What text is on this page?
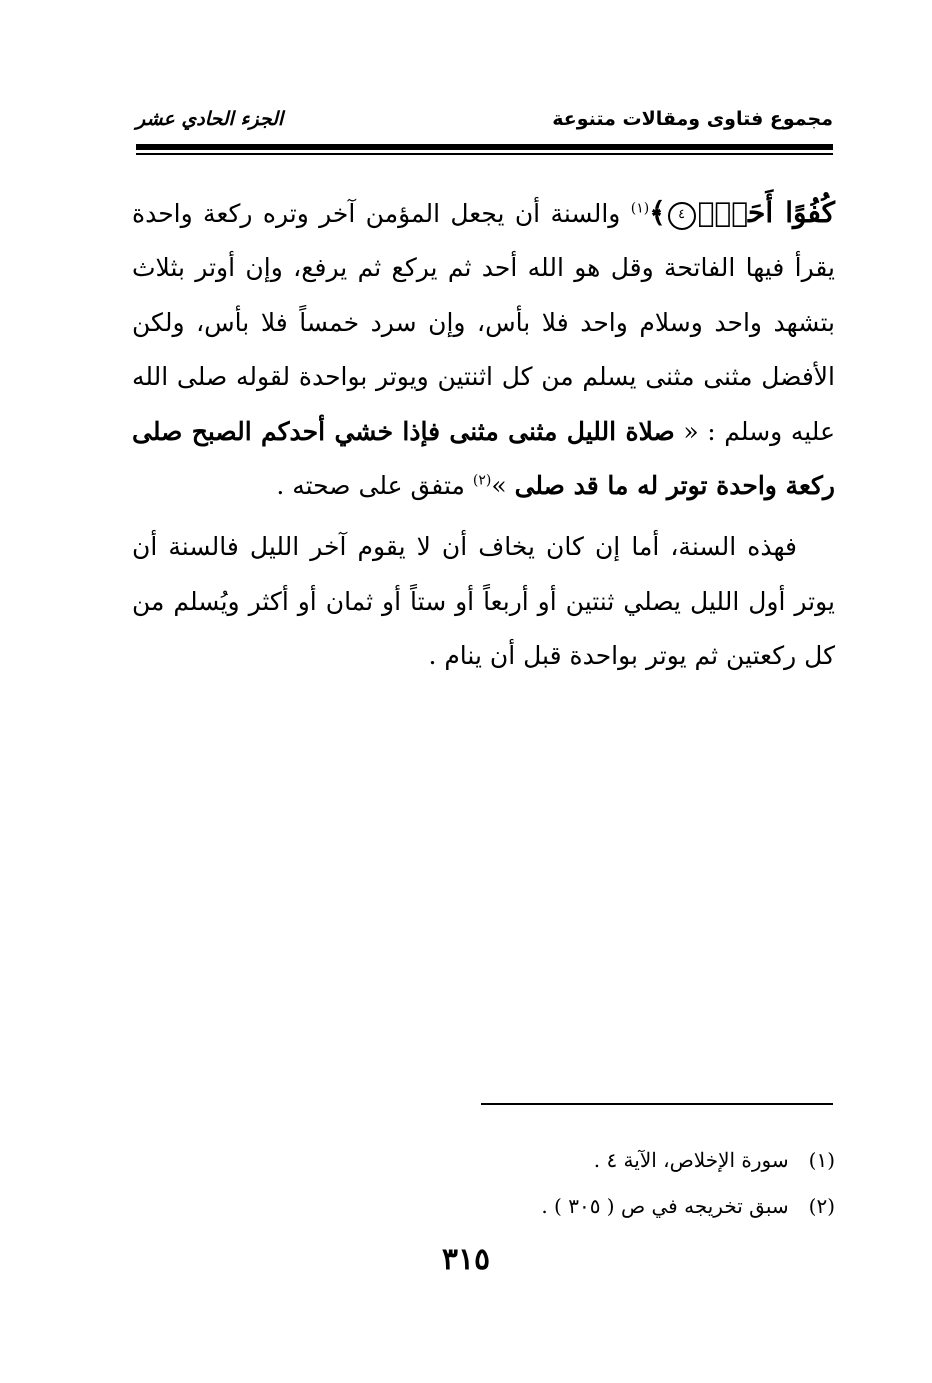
مجموع فتاوى ومقالات متنوعة
الجزء الحادي عشر

كُفُوًا أَحَدٌۢ٤﴾$^{(١)}$ والسنة أن يجعل المؤمن آخر وتره ركعة واحدة يقرأ فيها الفاتحة وقل هو الله أحد ثم يركع ثم يرفع، وإن أوتر بثلاث بتشهد واحد وسلام واحد فلا بأس، وإن سرد خمساً فلا بأس، ولكن الأفضل مثنى مثنى يسلم من كل اثنتين ويوتر بواحدة لقوله صلى الله عليه وسلم : « صلاة الليل مثنى مثنى فإذا خشي أحدكم الصبح صلى ركعة واحدة توتر له ما قد صلى »$^{(٢)}$ متفق على صحته .

فهذه السنة، أما إن كان يخاف أن لا يقوم آخر الليل فالسنة أن يوتر أول الليل يصلي ثنتين أو أربعاً أو ستاً أو ثمان أو أكثر ويُسلم من كل ركعتين ثم يوتر بواحدة قبل أن ينام .

(١) سورة الإخلاص، الآية ٤ .
(٢) سبق تخريجه في ص ( ٣٠٥ ) .
٣١٥
